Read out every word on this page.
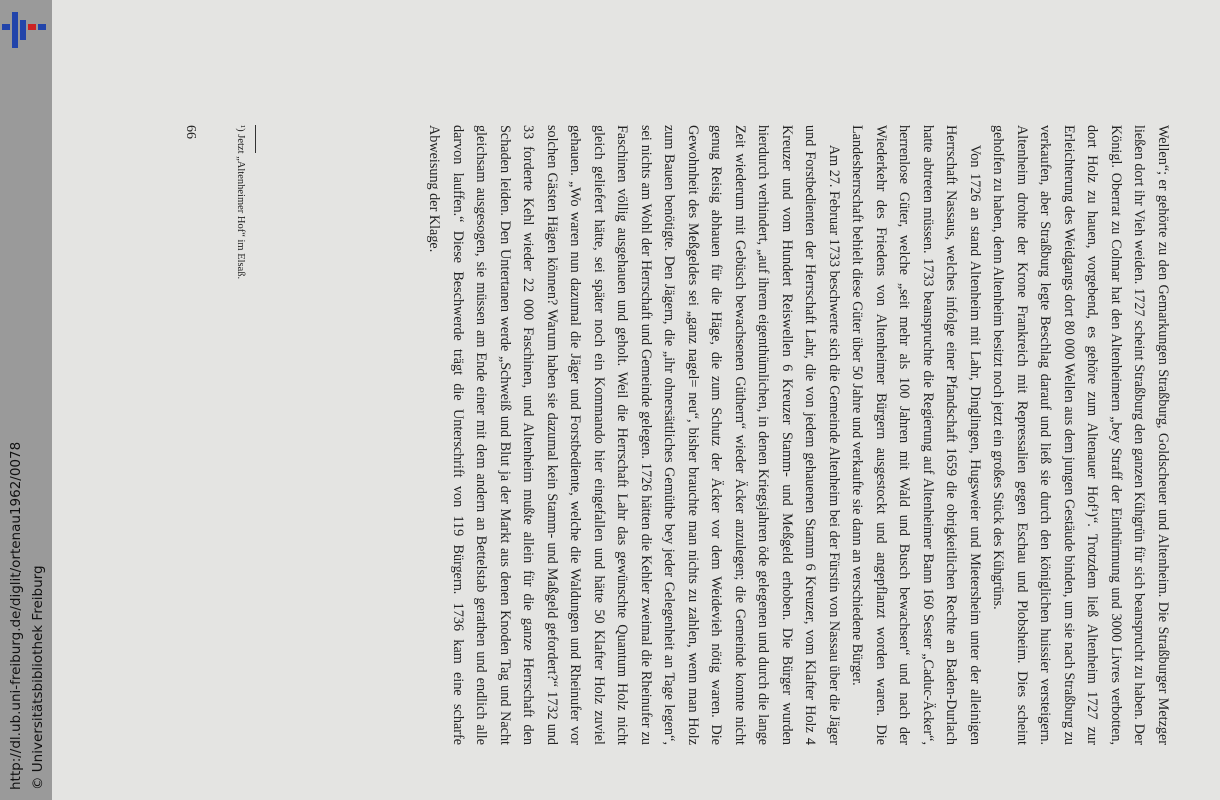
http://dl.ub.uni-freiburg.de/diglit/ortenau1962/0078 © Universitätsbibliothek Freiburg	Wellen“; er gehörte zu den Gemarkungen Straßburg, Goldscheuer und Altenheim. Die Straßburger Metzger ließen dort ihr Vieh weiden. 1727 scheint Straßburg den ganzen Kühgrün für sich beansprucht zu haben. Der Königl. Oberrat zu Colmar hat den Altenheimern „bey Straff der Einthürmung und 3000 Livres verbotten, dort Holz zu hauen, vorgebend, es gehöre zum Altenauer Hof¹)“. Trotzdem ließ Altenheim 1727 zur Erleichterung des Weidgangs dort 80 000 Wellen aus dem jungen Gestäude binden, um sie nach Straßburg zu verkaufen, aber Straßburg legte Beschlag darauf und ließ sie durch den königlichen huissier versteigern. Altenheim drohte der Krone Frankreich mit Repressalien gegen Eschau und Plobsheim. Dies scheint geholfen zu haben, denn Altenheim besitzt noch jetzt ein großes Stück des Kühgrüns.

Von 1726 an stand Altenheim mit Lahr, Dinglingen, Hugsweier und Mietersheim unter der alleinigen Herrschaft Nassaus, welches infolge einer Pfandschaft 1659 die obrigkeitlichen Rechte an Baden-Durlach hatte abtreten müssen. 1733 beanspruchte die Regierung auf Altenheimer Bann 160 Sester „Caduc-Äcker“, herrenlose Güter, welche „seit mehr als 100 Jahren mit Wald und Busch bewachsen“ und nach der Wiederkehr des Friedens von Altenheimer Bürgern ausgestockt und angepflanzt worden waren. Die Landesherrschaft behielt diese Güter über 50 Jahre und verkaufte sie dann an verschiedene Bürger.

Am 27. Februar 1733 beschwerte sich die Gemeinde Altenheim bei der Fürstin von Nassau über die Jäger und Forstbedienten der Herrschaft Lahr, die von jedem gehauenen Stamm 6 Kreuzer, vom Klafter Holz 4 Kreuzer und vom Hundert Reiswellen 6 Kreuzer Stamm- und Meßgeld erhoben. Die Bürger wurden hierdurch verhindert, „auf ihrem eigenthümlichen, in denen Kriegsjahren öde gelegenen und durch die lange Zeit wiederum mit Gebüsch bewachsenen Güthern“ wieder Äcker anzulegen; die Gemeinde konnte nicht genug Reisig abhauen für die Häge, die zum Schutz der Äcker vor dem Weidevieh nötig waren. Die Gewohnheit des Meßgeldes sei „ganz nagel= neu“, bisher brauchte man nichts zu zahlen, wenn man Holz zum Bauen benötigte. Den Jägern, die „ihr ohnersättliches Gemüthe bey jeder Gelegenheit an Tage legen“, sei nichts am Wohl der Herrschaft und Gemeinde gelegen. 1726 hätten die Kehler zweimal die Rheinufer zu Faschinen völlig ausgehauen und geholt. Weil die Herrschaft Lahr das gewünschte Quantum Holz nicht gleich geliefert hätte, sei später noch ein Kommando hier eingefallen und hätte 50 Klafter Holz zuviel gehauen. „Wo waren nun dazumal die Jäger und Forstbediente, welche die Waldungen und Rheinufer vor solchen Gästen Hägen können? Warum haben sie dazumal kein Stamm- und Maßgeld gefordert?“ 1732 und 33 forderte Kehl wieder 22 000 Faschinen, und Altenheim mußte allein für die ganze Herrschaft den Schaden leiden. Den Untertanen werde „Schweiß und Blut ja der Markt aus denen Knoden Tag und Nacht gleichsam ausgesogen, sie müssen am Ende einer mit dem andern an Bettelstab gerathen und endlich alle darvon lauffen.“ Diese Beschwerde trägt die Unterschrift von 119 Bürgern. 1736 kam eine scharfe Abweisung der Klage.

¹) Jetzt „Altenheimer Hof“ im Elsaß.
66
